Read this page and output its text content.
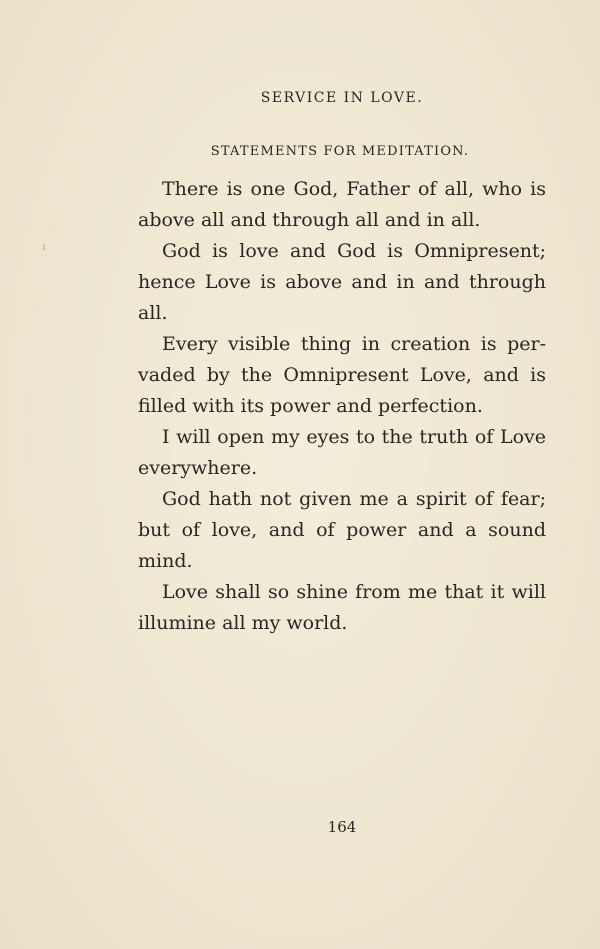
SERVICE IN LOVE.
STATEMENTS FOR MEDITATION.

There is one God, Father of all, who is above all and through all and in all.

God is love and God is Omnipresent; hence Love is above and in and through all.

Every visible thing in creation is per- vaded by the Omnipresent Love, and is filled with its power and perfection.

I will open my eyes to the truth of Love everywhere.

God hath not given me a spirit of fear; but of love, and of power and a sound mind.

Love shall so shine from me that it will illumine all my world.

ı
164
